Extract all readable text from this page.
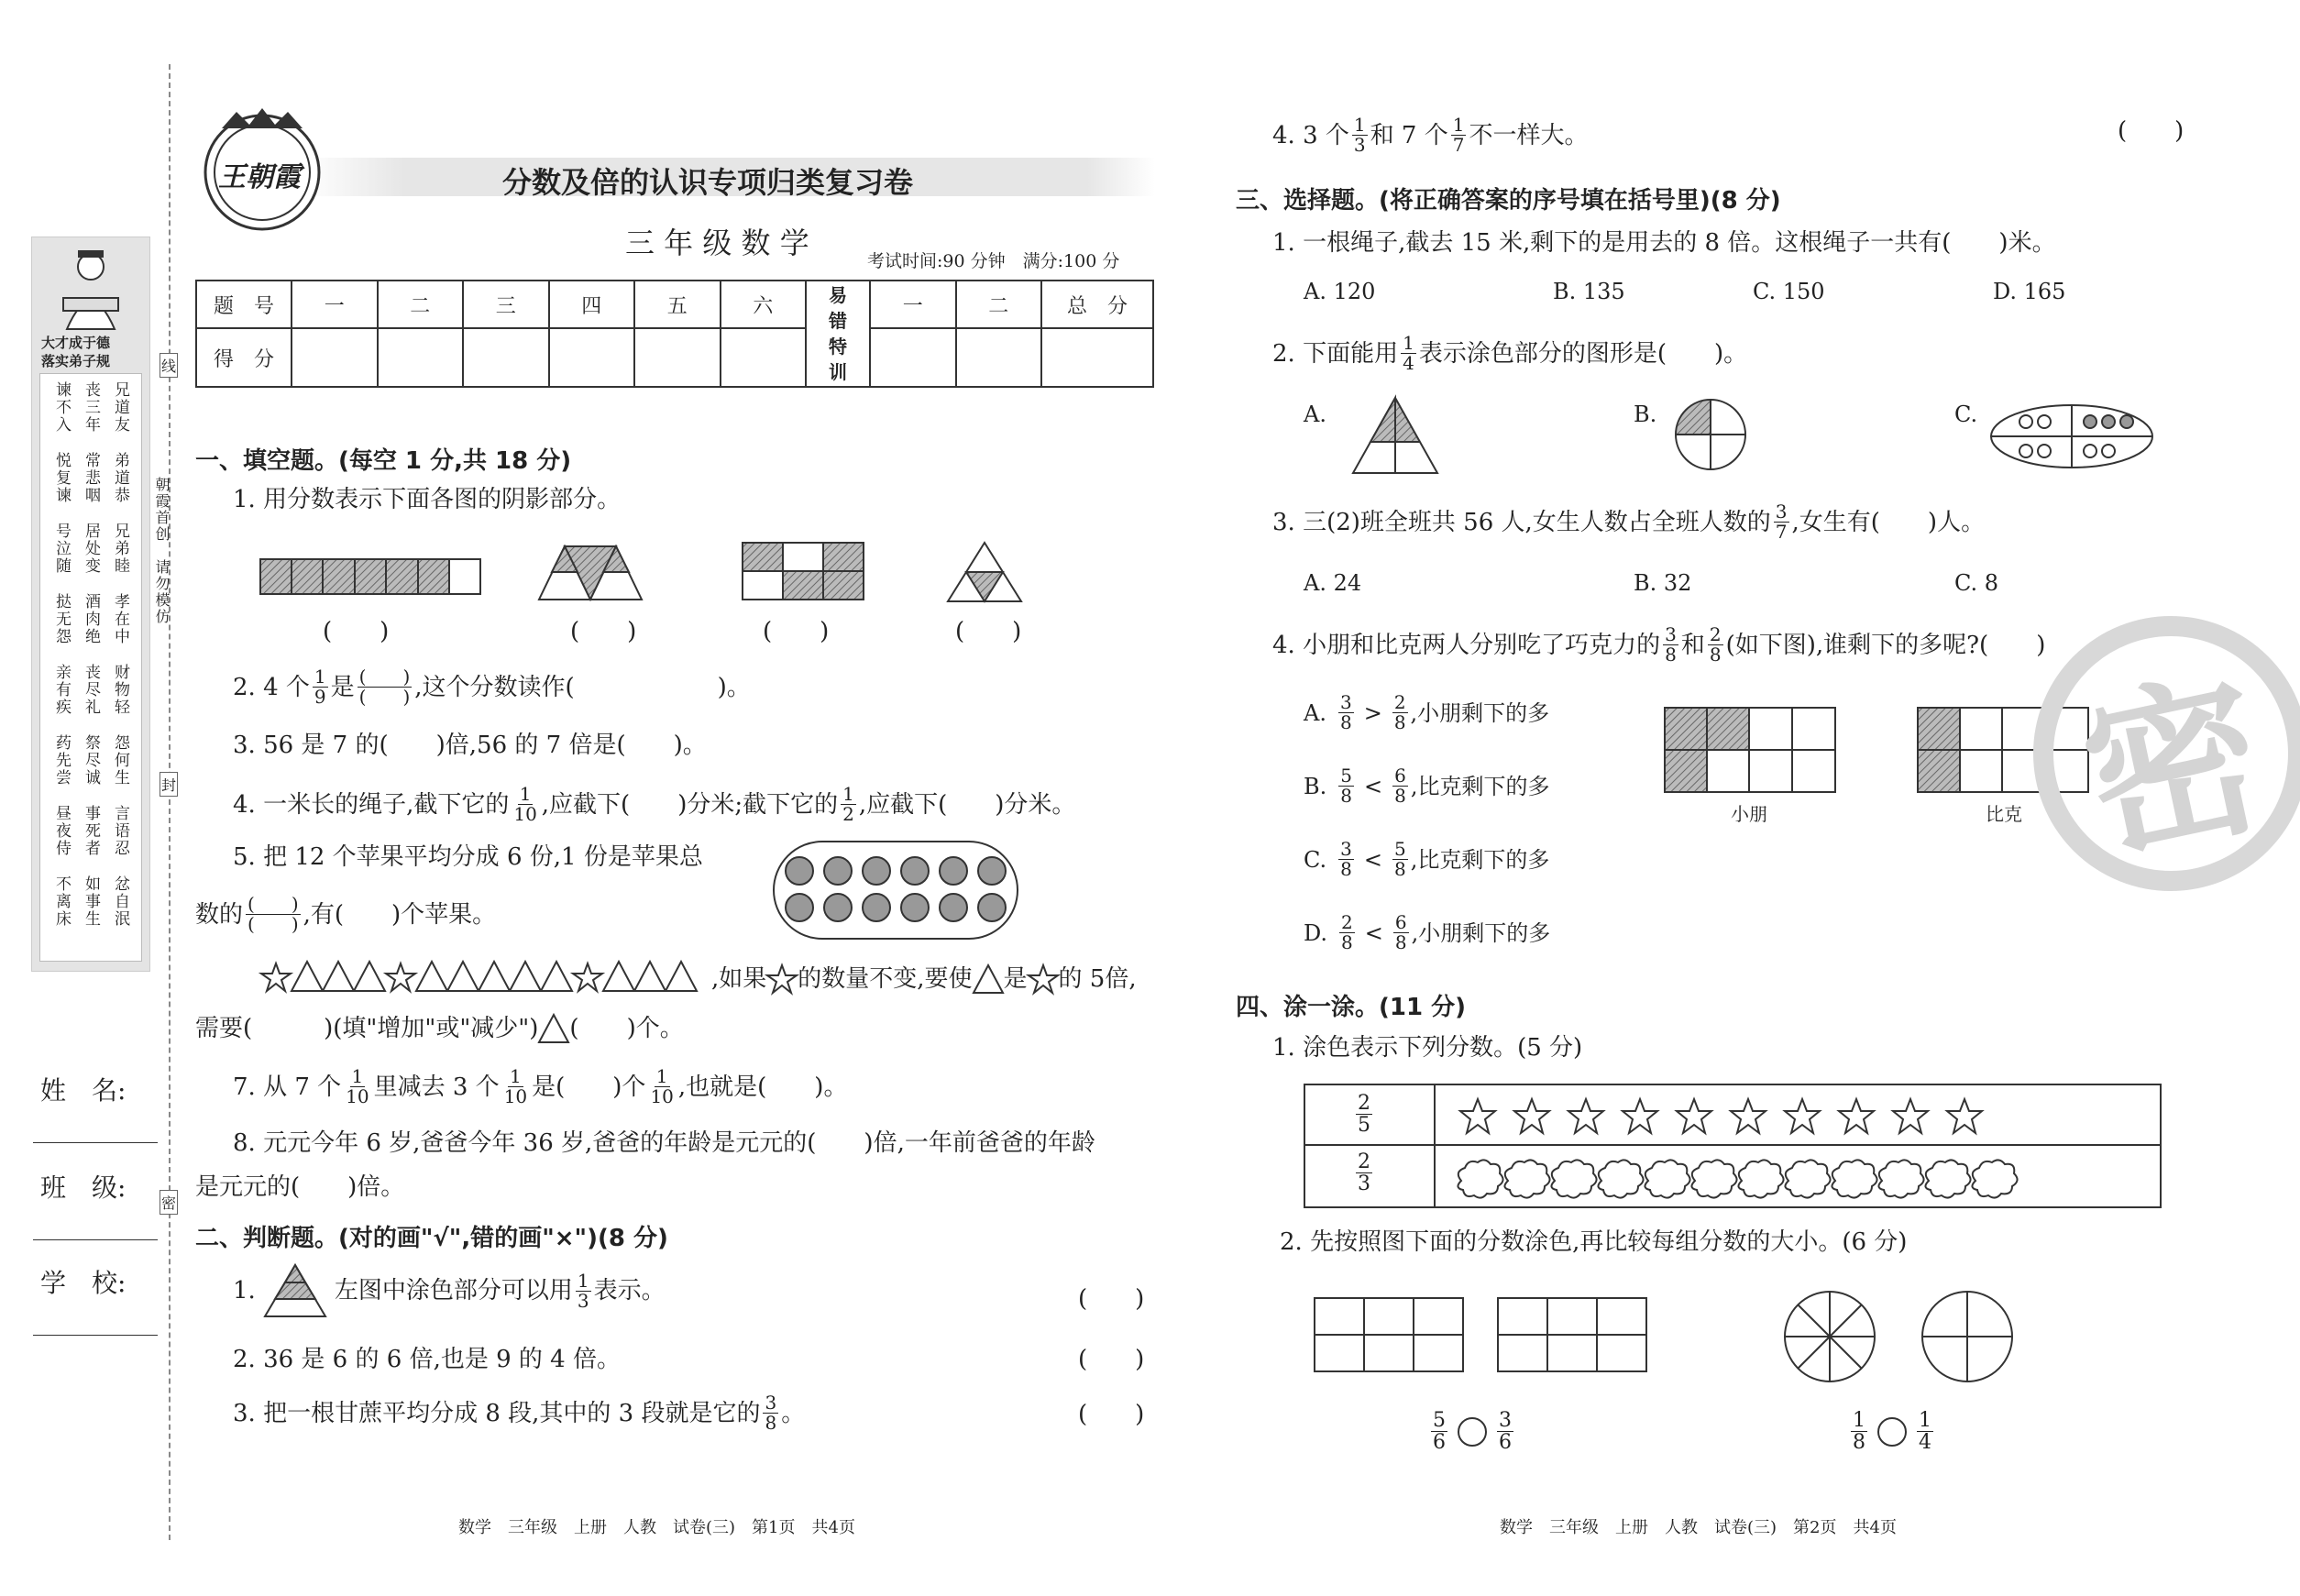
大才成于德
落实弟子规
兄道友
丧三年
谏不入
弟道恭
常悲咽
悦复谏
兄弟睦
居处变
号泣随
孝在中
酒肉绝
挞无怨
财物轻
丧尽礼
亲有疾
怨何生
祭尽诚
药先尝
言语忍
事死者
昼夜侍
忿自泯
如事生
不离床
姓　名:
班　级:
学　校:
线
封
密
朝霞首创　请勿模仿
王朝霞	分数及倍的认识专项归类复习卷
三 年 级 数 学
考试时间:90 分钟　满分:100 分
题　号	一	二	三	四	五	六	易错特训	一	二	总　分
得　分										
一、填空题。(每空 1 分,共 18 分)
1. 用分数表示下面各图的阴影部分。
(　　)	(　　)	(　　)	(　　)
2. 4 个 $\frac{1}{9}$ 是 $\frac{( )}{( )}$ ,这个分数读作(　　　　　　)。
3. 56 是 7 的(　　)倍,56 的 7 倍是(　　)。
4. 一米长的绳子,截下它的 $\frac{1}{10}$ ,应截下(　　)分米;截下它的 $\frac{1}{2}$ ,应截下(　　)分米。
5. 把 12 个苹果平均分成 6 份,1 份是苹果总
数的 $\frac{( )}{( )}$ ,有(　　)个苹果。
,如果 的数量不变,要使 是 的 5倍,
需要(　　　)(填"增加"或"减少") (　　)个。
7. 从 7 个 $\frac{1}{10}$ 里减去 3 个 $\frac{1}{10}$ 是(　　)个 $\frac{1}{10}$ ,也就是(　　)。
8. 元元今年 6 岁,爸爸今年 36 岁,爸爸的年龄是元元的(　　)倍,一年前爸爸的年龄
是元元的(　　)倍。
二、判断题。(对的画"√",错的画"×")(8 分)
1.	左图中涂色部分可以用 $\frac{1}{3}$ 表示。	(　　)
2. 36 是 6 的 6 倍,也是 9 的 4 倍。	(　　)
3. 把一根甘蔗平均分成 8 段,其中的 3 段就是它的 $\frac{3}{8}$ 。	(　　)
数学　三年级　上册　人教　试卷(三)　第1页　共4页
4. 3 个 $\frac{1}{3}$ 和 7 个 $\frac{1}{7}$ 不一样大。	(　　)
三、选择题。(将正确答案的序号填在括号里)(8 分)
1. 一根绳子,截去 15 米,剩下的是用去的 8 倍。这根绳子一共有(　　)米。
A. 120	B. 135	C. 150	D. 165
2. 下面能用 $\frac{1}{4}$ 表示涂色部分的图形是(　　)。
A.	B.	C.
3. 三(2)班全班共 56 人,女生人数占全班人数的 $\frac{3}{7}$ ,女生有(　　)人。
A. 24	B. 32	C. 8
4. 小朋和比克两人分别吃了巧克力的 $\frac{3}{8}$ 和 $\frac{2}{8}$ (如下图),谁剩下的多呢?(　　)
A. $\frac{3}{8} > \frac{2}{8}$ ,小朋剩下的多
B. $\frac{5}{8} < \frac{6}{8}$ ,比克剩下的多
C. $\frac{3}{8} < \frac{5}{8}$ ,比克剩下的多
D. $\frac{2}{8} < \frac{6}{8}$ ,小朋剩下的多
小朋	比克 密
四、涂一涂。(11 分)
1. 涂色表示下列分数。(5 分)
$\frac{2}{5}$
$\frac{2}{3}$
2. 先按照图下面的分数涂色,再比较每组分数的大小。(6 分)
$\frac{5}{6} \frac{3}{6}$	$\frac{1}{8} \frac{1}{4}$
数学　三年级　上册　人教　试卷(三)　第2页　共4页
